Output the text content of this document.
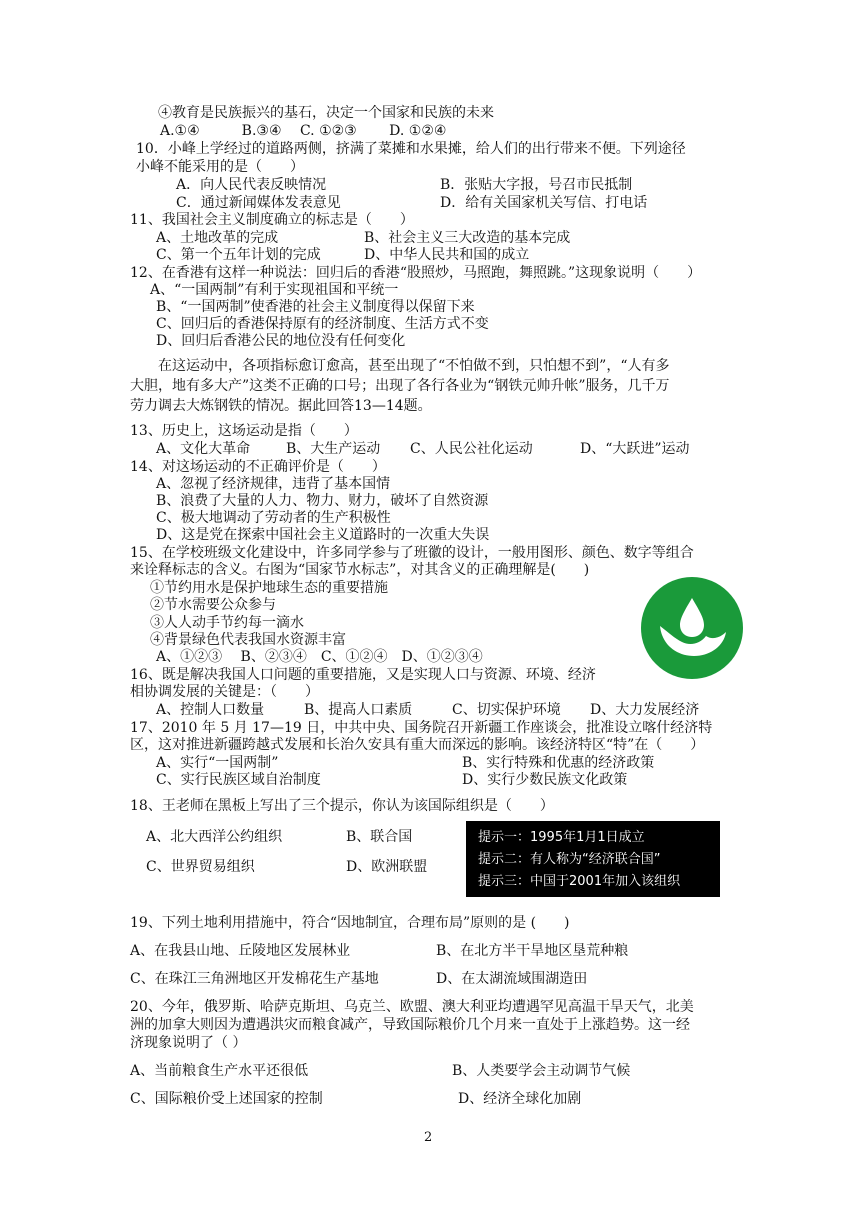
④教育是民族振兴的基石，决定一个国家和民族的未来
A.①④　　　B.③④　 C. ①②③　　 D. ①②④
10．小峰上学经过的道路两侧，挤满了菜摊和水果摊，给人们的出行带来不便。下列途径
小峰不能采用的是（　　）
A．向人民代表反映情况	B．张贴大字报，号召市民抵制
C．通过新闻媒体发表意见	D．给有关国家机关写信、打电话
11、我国社会主义制度确立的标志是（　　）
A、土地改革的完成	B、社会主义三大改造的基本完成
C、第一个五年计划的完成	D、中华人民共和国的成立
12、在香港有这样一种说法：回归后的香港“股照炒，马照跑，舞照跳。”这现象说明（　　）
A、“一国两制”有利于实现祖国和平统一
B、“一国两制”使香港的社会主义制度得以保留下来
C、回归后的香港保持原有的经济制度、生活方式不变
D、回归后香港公民的地位没有任何变化
在这运动中，各项指标愈订愈高，甚至出现了“不怕做不到，只怕想不到”，“人有多
大胆，地有多大产”这类不正确的口号；出现了各行各业为“钢铁元帅升帐”服务，几千万
劳力调去大炼钢铁的情况。据此回答13—14题。
13、历史上，这场运动是指（　　）
A、文化大革命	B、大生产运动 C、人民公社化运动	D、“大跃进”运动
14、对这场运动的不正确评价是（　　）
A、忽视了经济规律，违背了基本国情
B、浪费了大量的人力、物力、财力，破坏了自然资源
C、极大地调动了劳动者的生产积极性
D、这是党在探索中国社会主义道路时的一次重大失误
15、在学校班级文化建设中，许多同学参与了班徽的设计，一般用图形、颜色、数字等组合
来诠释标志的含义。右图为“国家节水标志”，对其含义的正确理解是(　　)
①节约用水是保护地球生态的重要措施
②节水需要公众参与
③人人动手节约每一滴水
④背景绿色代表我国水资源丰富
A、①②③　 B、②③④　C、①②④　D、①②③④
16、既是解决我国人口问题的重要措施，又是实现人口与资源、环境、经济
相协调发展的关键是：（　　）
A、控制人口数量	B、提高人口素质	C、切实保护环境 D、大力发展经济
17、2010 年 5 月 17—19 日，中共中央、国务院召开新疆工作座谈会，批准设立喀什经济特
区，这对推进新疆跨越式发展和长治久安具有重大而深远的影响。该经济特区“特”在（　　）
A、实行“一国两制”	B、实行特殊和优惠的经济政策
C、实行民族区域自治制度	D、实行少数民族文化政策
18、王老师在黑板上写出了三个提示，你认为该国际组织是（　　）
A、北大西洋公约组织	B、联合国
C、世界贸易组织	D、欧洲联盟
提示一：1995年1月1日成立
提示二：有人称为“经济联合国”
提示三：中国于2001年加入该组织
19、下列土地利用措施中，符合“因地制宜，合理布局”原则的是 (　　)
A、在我县山地、丘陵地区发展林业	B、在北方半干旱地区垦荒种粮
C、在珠江三角洲地区开发棉花生产基地	D、在太湖流域围湖造田
20、今年，俄罗斯、哈萨克斯坦、乌克兰、欧盟、澳大利亚均遭遇罕见高温干旱天气，北美
洲的加拿大则因为遭遇洪灾而粮食减产，导致国际粮价几个月来一直处于上涨趋势。这一经
济现象说明了（ ）
A、当前粮食生产水平还很低	B、人类要学会主动调节气候
C、国际粮价受上述国家的控制	D、经济全球化加剧
2
